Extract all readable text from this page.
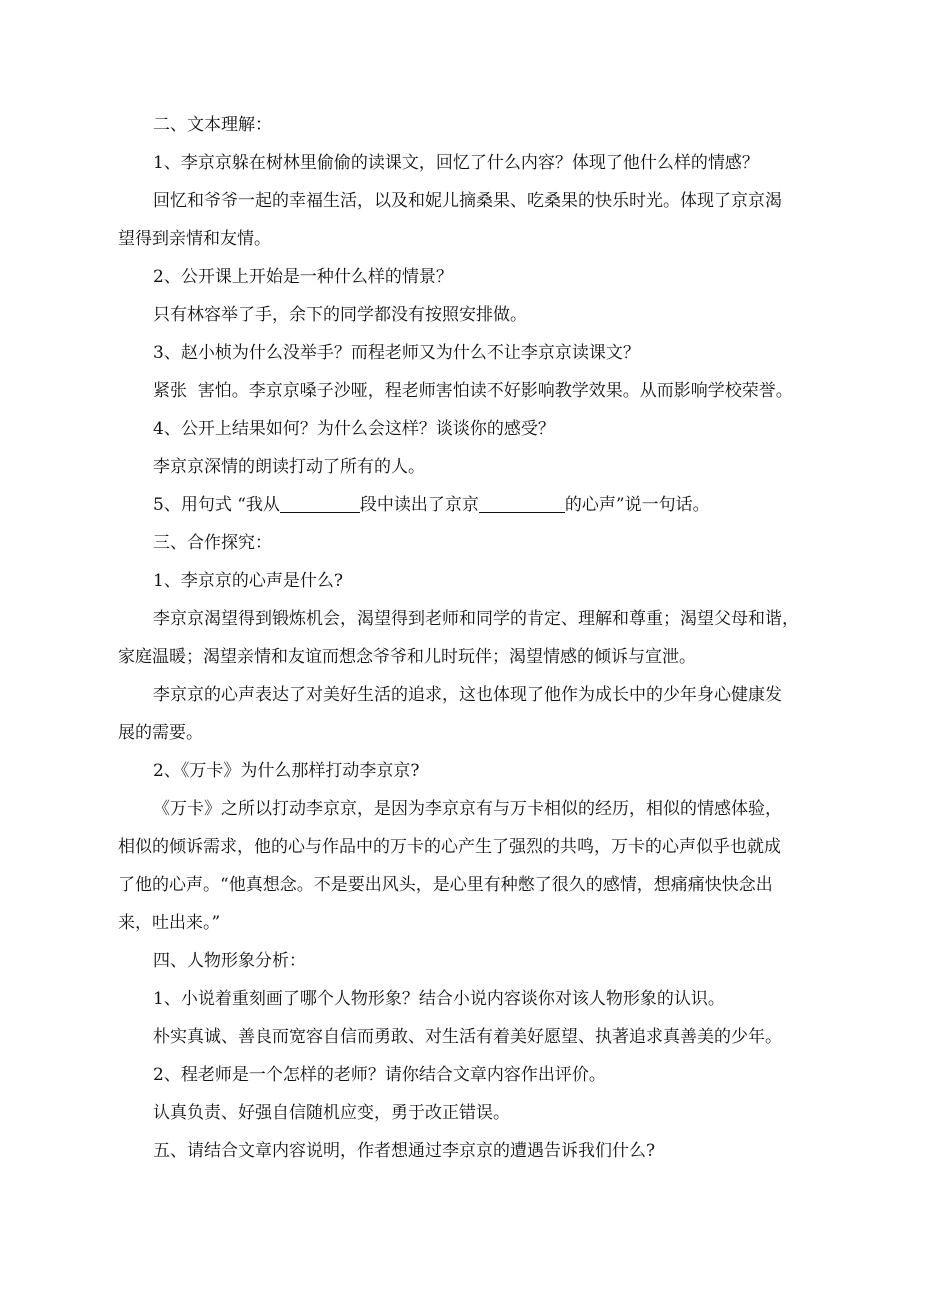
二、文本理解：
1、李京京躲在树林里偷偷的读课文，回忆了什么内容？体现了他什么样的情感？
回忆和爷爷一起的幸福生活，以及和妮儿摘桑果、吃桑果的快乐时光。体现了京京渴
望得到亲情和友情。
2、公开课上开始是一种什么样的情景？
只有林容举了手，余下的同学都没有按照安排做。
3、赵小桢为什么没举手？而程老师又为什么不让李京京读课文？
紧张  害怕。李京京嗓子沙哑，程老师害怕读不好影响教学效果。从而影响学校荣誉。
4、公开上结果如何？为什么会这样？谈谈你的感受？
李京京深情的朗读打动了所有的人。
5、用句式 “我从	段中读出了京京	的心声”说一句话。
三、合作探究：
1、李京京的心声是什么?
李京京渴望得到锻炼机会，渴望得到老师和同学的肯定、理解和尊重；渴望父母和谐，
家庭温暖；渴望亲情和友谊而想念爷爷和儿时玩伴；渴望情感的倾诉与宣泄。
李京京的心声表达了对美好生活的追求，这也体现了他作为成长中的少年身心健康发
展的需要。
2、《万卡》为什么那样打动李京京?
《万卡》之所以打动李京京，是因为李京京有与万卡相似的经历，相似的情感体验，
相似的倾诉需求，他的心与作品中的万卡的心产生了强烈的共鸣，万卡的心声似乎也就成
了他的心声。“他真想念。不是要出风头，是心里有种憋了很久的感情，想痛痛快快念出
来，吐出来。”
四、人物形象分析：
1、小说着重刻画了哪个人物形象？结合小说内容谈你对该人物形象的认识。
朴实真诚、善良而宽容自信而勇敢、对生活有着美好愿望、执著追求真善美的少年。
2、程老师是一个怎样的老师？请你结合文章内容作出评价。
认真负责、好强自信随机应变，勇于改正错误。
五、请结合文章内容说明，作者想通过李京京的遭遇告诉我们什么?
